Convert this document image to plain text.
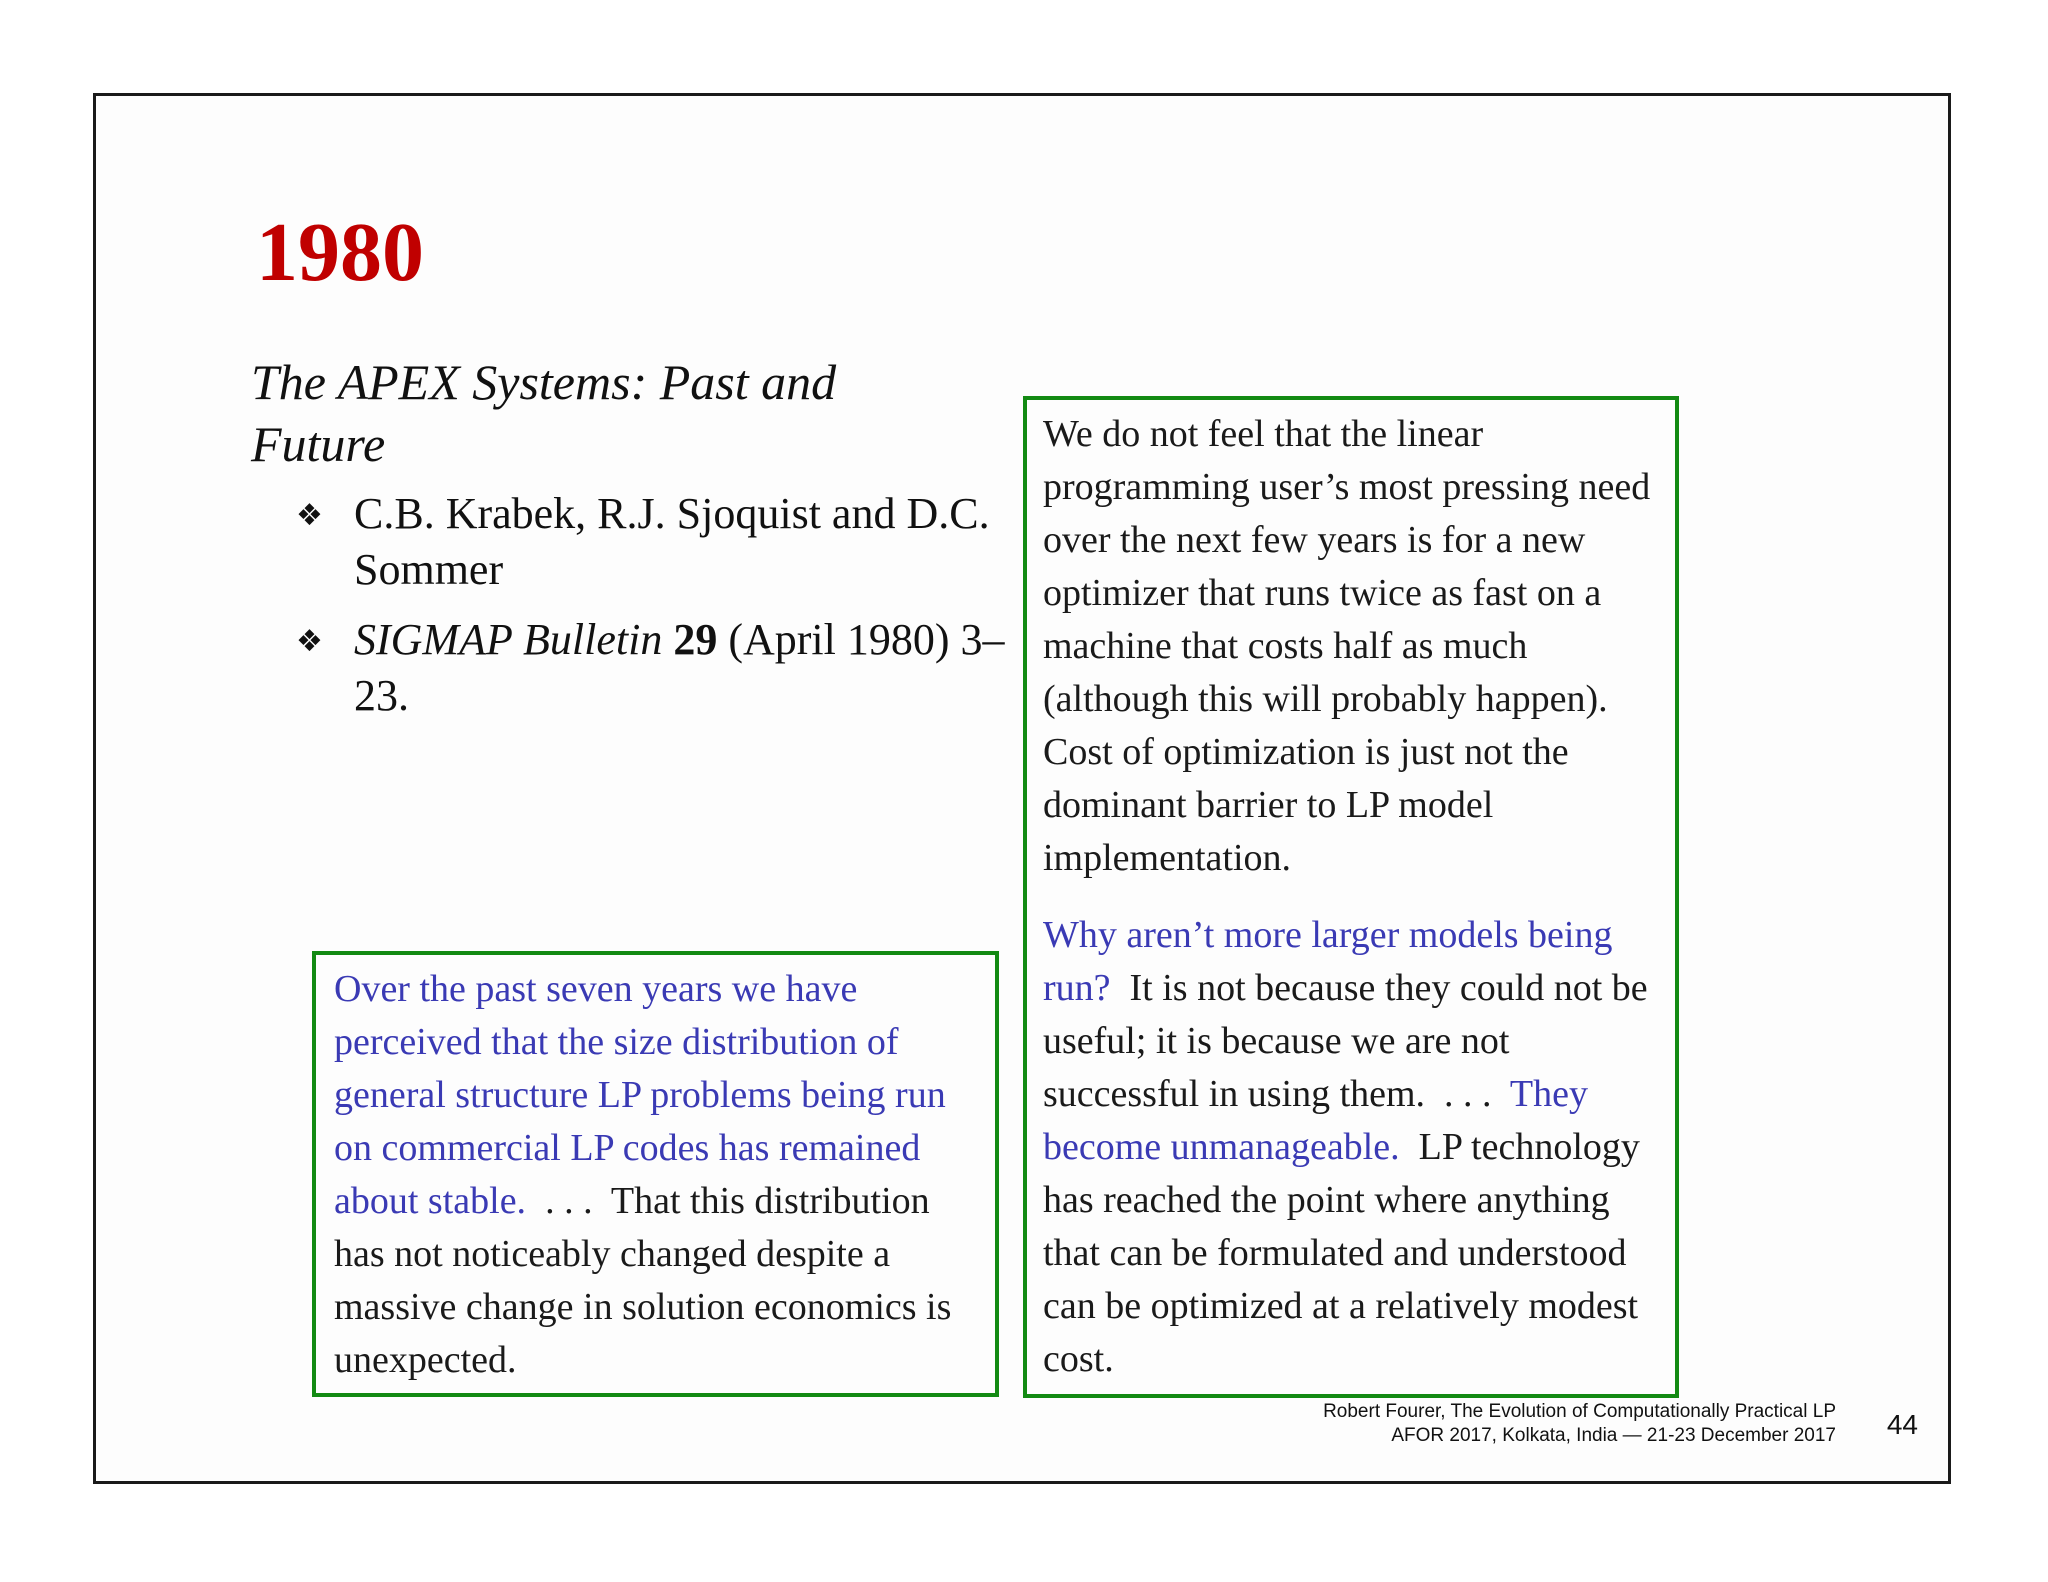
1980

The APEX Systems: Past and Future

❖ C.B. Krabek, R.J. Sjoquist and D.C. Sommer
❖ SIGMAP Bulletin 29 (April 1980) 3–23.

Over the past seven years we have perceived that the size distribution of general structure LP problems being run on commercial LP codes has remained about stable.  . . .  That this distribution has not noticeably changed despite a massive change in solution economics is unexpected.

We do not feel that the linear programming user’s most pressing need over the next few years is for a new optimizer that runs twice as fast on a machine that costs half as much (although this will probably happen). Cost of optimization is just not the dominant barrier to LP model implementation.

Why aren’t more larger models being run?  It is not because they could not be useful; it is because we are not successful in using them.  . . .  They become unmanageable.  LP technology has reached the point where anything that can be formulated and understood can be optimized at a relatively modest cost.

Robert Fourer, The Evolution of Computationally Practical LP
AFOR 2017, Kolkata, India — 21-23 December 2017 44
